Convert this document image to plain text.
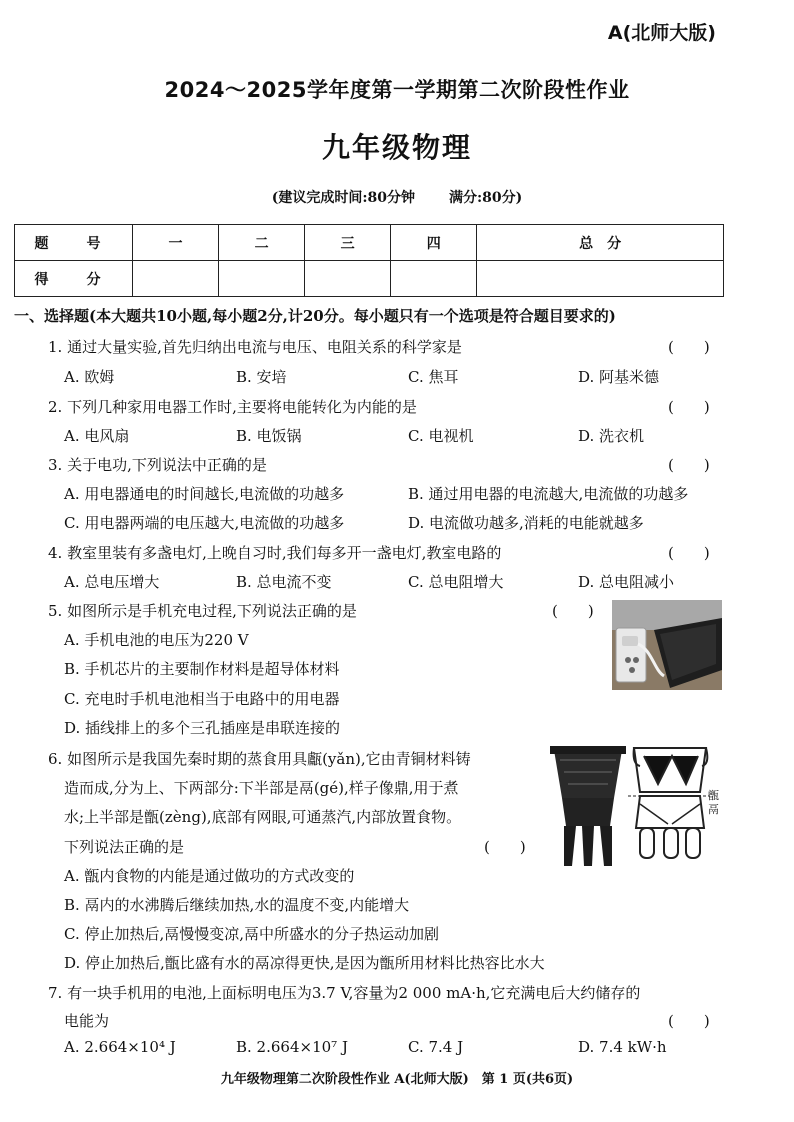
A(北师大版)
2024～2025学年度第一学期第二次阶段性作业
九年级物理
(建议完成时间:80分钟 满分:80分)
题　号	一	二	三	四	总　分
得　分					
一、选择题(本大题共10小题,每小题2分,计20分。每小题只有一个选项是符合题目要求的)
1. 通过大量实验,首先归纳出电流与电压、电阻关系的科学家是	(　　)
A. 欧姆	B. 安培	C. 焦耳	D. 阿基米德
2. 下列几种家用电器工作时,主要将电能转化为内能的是	(　　)
A. 电风扇	B. 电饭锅	C. 电视机	D. 洗衣机
3. 关于电功,下列说法中正确的是	(　　)
A. 用电器通电的时间越长,电流做的功越多	B. 通过用电器的电流越大,电流做的功越多
C. 用电器两端的电压越大,电流做的功越多	D. 电流做功越多,消耗的电能就越多
4. 教室里装有多盏电灯,上晚自习时,我们每多开一盏电灯,教室电路的	(　　)
A. 总电压增大	B. 总电流不变	C. 总电阻增大	D. 总电阻减小
5. 如图所示是手机充电过程,下列说法正确的是	(　　)
A. 手机电池的电压为220 V
B. 手机芯片的主要制作材料是超导体材料
C. 充电时手机电池相当于电路中的用电器
D. 插线排上的多个三孔插座是串联连接的
6. 如图所示是我国先秦时期的蒸食用具甗(yǎn),它由青铜材料铸
造而成,分为上、下两部分:下半部是鬲(gé),样子像鼎,用于煮
水;上半部是甑(zèng),底部有网眼,可通蒸汽,内部放置食物。
下列说法正确的是	(　　)
A. 甑内食物的内能是通过做功的方式改变的
B. 鬲内的水沸腾后继续加热,水的温度不变,内能增大
C. 停止加热后,鬲慢慢变凉,鬲中所盛水的分子热运动加剧
D. 停止加热后,甑比盛有水的鬲凉得更快,是因为甑所用材料比热容比水大
甑
鬲
7. 有一块手机用的电池,上面标明电压为3.7 V,容量为2 000 mA·h,它充满电后大约储存的
电能为	(　　)
A. 2.664×10⁴ J	B. 2.664×10⁷ J	C. 7.4 J	D. 7.4 kW·h
九年级物理第二次阶段性作业 A(北师大版)　第 1 页(共6页)
